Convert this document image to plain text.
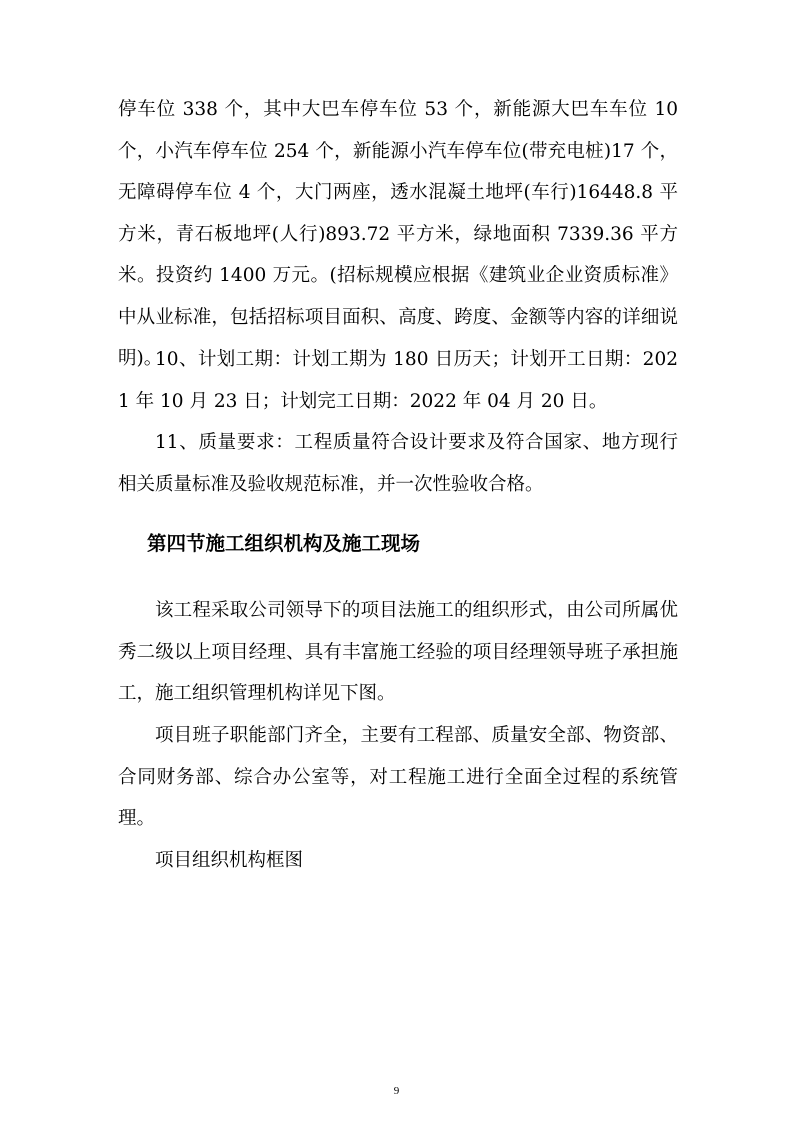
停车位 338 个，其中大巴车停车位 53 个，新能源大巴车车位 10 个，小汽车停车位 254 个，新能源小汽车停车位(带充电桩)17 个，无障碍停车位 4 个，大门两座，透水混凝土地坪(车行)16448.8 平方米，青石板地坪(人行)893.72 平方米，绿地面积 7339.36 平方米。投资约 1400 万元。(招标规模应根据《建筑业企业资质标准》中从业标准，包括招标项目面积、高度、跨度、金额等内容的详细说明)。

10、计划工期：计划工期为 180 日历天；计划开工日期：2021 年 10 月 23 日；计划完工日期：2022 年 04 月 20 日。

11、质量要求：工程质量符合设计要求及符合国家、地方现行相关质量标准及验收规范标准，并一次性验收合格。

第四节施工组织机构及施工现场

该工程采取公司领导下的项目法施工的组织形式，由公司所属优秀二级以上项目经理、具有丰富施工经验的项目经理领导班子承担施工，施工组织管理机构详见下图。

项目班子职能部门齐全，主要有工程部、质量安全部、物资部、合同财务部、综合办公室等，对工程施工进行全面全过程的系统管理。

项目组织机构框图

9
